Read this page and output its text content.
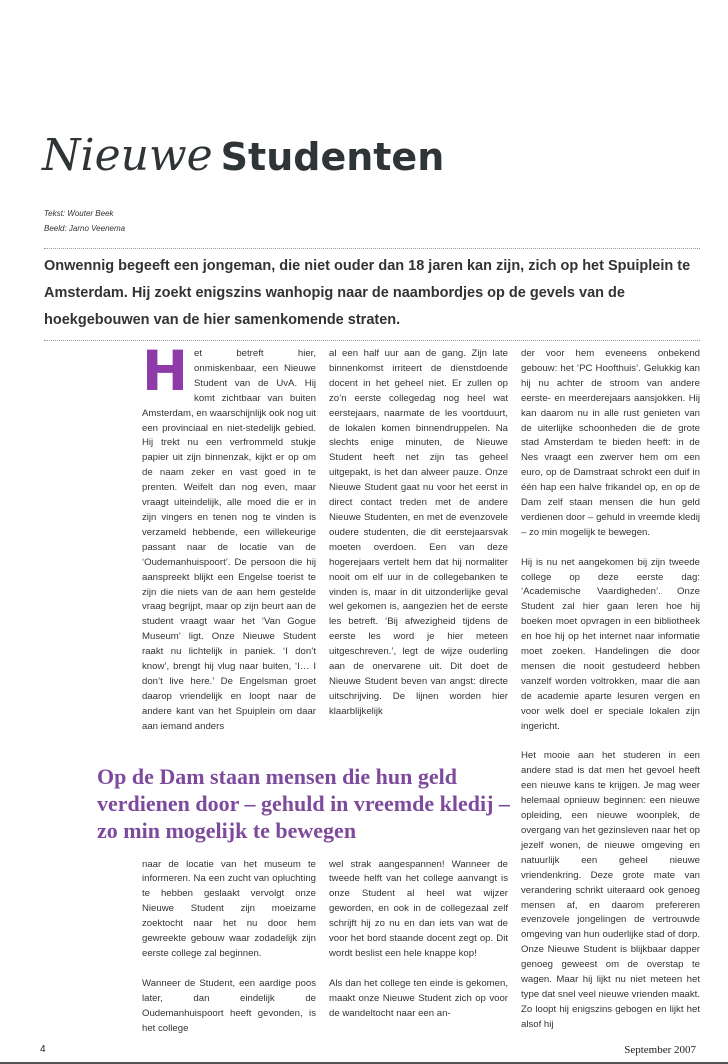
Nieuwe Studenten
Tekst: Wouter Beek
Beeld: Jarno Veenema
Onwennig begeeft een jongeman, die niet ouder dan 18 jaren kan zijn, zich op het Spuiplein te Amsterdam. Hij zoekt enigszins wanhopig naar de naambordjes op de gevels van de hoekgebouwen van de hier samenkomende straten.

Het betreft hier, onmiskenbaar, een Nieuwe Student van de UvA. Hij komt zichtbaar van buiten Amsterdam, en waarschijnlijk ook nog uit een provinciaal en niet-stedelijk gebied. Hij trekt nu een verfrommeld stukje papier uit zijn binnenzak, kijkt er op om de naam zeker en vast goed in te prenten. Weifelt dan nog even, maar vraagt uiteindelijk, alle moed die er in zijn vingers en tenen nog te vinden is verzameld hebbende, een willekeurige passant naar de locatie van de ‘Oudemanhuispoort’. De persoon die hij aanspreekt blijkt een Engelse toerist te zijn die niets van de aan hem gestelde vraag begrijpt, maar op zijn beurt aan de student vraagt waar het ‘Van Gogue Museum’ ligt. Onze Nieuwe Student raakt nu lichtelijk in paniek. ‘I don’t know’, brengt hij vlug naar buiten, ‘I… I don’t live here.’ De Engelsman groet daarop vriendelijk en loopt naar de andere kant van het Spuiplein om daar aan iemand anders

al een half uur aan de gang. Zijn late binnenkomst irriteert de dienstdoende docent in het geheel niet. Er zullen op zo’n eerste collegedag nog heel wat eerstejaars, naarmate de les voortduurt, de lokalen komen binnendruppelen. Na slechts enige minuten, de Nieuwe Student heeft net zijn tas geheel uitgepakt, is het dan alweer pauze. Onze Nieuwe Student gaat nu voor het eerst in direct contact treden met de andere Nieuwe Studenten, en met de evenzovele oudere studenten, die dit eerstejaarsvak moeten overdoen. Een van deze hogerejaars vertelt hem dat hij normaliter nooit om elf uur in de collegebanken te vinden is, maar in dit uitzonderlijke geval wel gekomen is, aangezien het de eerste les betreft. ‘Bij afwezigheid tijdens de eerste les word je hier meteen uitgeschreven.’, legt de wijze ouderling aan de onervarene uit. Dit doet de Nieuwe Student beven van angst: directe uitschrijving. De lijnen worden hier klaarblijkelijk

der voor hem eveneens onbekend gebouw: het ‘PC Hoofthuis’. Gelukkig kan hij nu achter de stroom van andere eerste- en meerderejaars aansjokken. Hij kan daarom nu in alle rust genieten van de uiterlijke schoonheden die de grote stad Amsterdam te bieden heeft: in de Nes vraagt een zwerver hem om een euro, op de Damstraat schrokt een duif in één hap een halve frikandel op, en op de Dam zelf staan mensen die hun geld verdienen door – gehuld in vreemde kledij – zo min mogelijk te bewegen.

Hij is nu net aangekomen bij zijn tweede college op deze eerste dag: ‘Academische Vaardigheden’. Onze Student zal hier gaan leren hoe hij boeken moet opvragen in een bibliotheek en hoe hij op het internet naar informatie moet zoeken. Handelingen die door mensen die nooit gestudeerd hebben vanzelf worden voltrokken, maar die aan de academie aparte lesuren vergen en voor welk doel er speciale lokalen zijn ingericht.

Het mooie aan het studeren in een andere stad is dat men het gevoel heeft een nieuwe kans te krijgen. Je mag weer helemaal opnieuw beginnen: een nieuwe opleiding, een nieuwe woonplek, de overgang van het gezinsleven naar het op jezelf wonen, de nieuwe omgeving en natuurlijk een geheel nieuwe vriendenkring. Deze grote mate van verandering schrikt uiteraard ook genoeg mensen af, en daarom prefereren evenzovele jongelingen de vertrouwde omgeving van hun ouderlijke stad of dorp. Onze Nieuwe Student is blijkbaar dapper genoeg geweest om de overstap te wagen. Maar hij lijkt nu niet meteen het type dat snel veel nieuwe vrienden maakt. Zo loopt hij enigszins gebogen en lijkt het alsof hij

Op de Dam staan mensen die hun geld verdienen door – gehuld in vreemde kledij – zo min mogelijk te bewegen

naar de locatie van het museum te informeren. Na een zucht van opluchting te hebben geslaakt vervolgt onze Nieuwe Student zijn moeizame zoektocht naar het nu door hem gewreekte gebouw waar zodadelijk zijn eerste college zal beginnen.

Wanneer de Student, een aardige poos later, dan eindelijk de Oudemanhuispoort heeft gevonden, is het college

wel strak aangespannen! Wanneer de tweede helft van het college aanvangt is onze Student al heel wat wijzer geworden, en ook in de collegezaal zelf schrijft hij zo nu en dan iets van wat de voor het bord staande docent zegt op. Dit wordt beslist een hele knappe kop!

Als dan het college ten einde is gekomen, maakt onze Nieuwe Student zich op voor de wandeltocht naar een an-

4	September 2007
